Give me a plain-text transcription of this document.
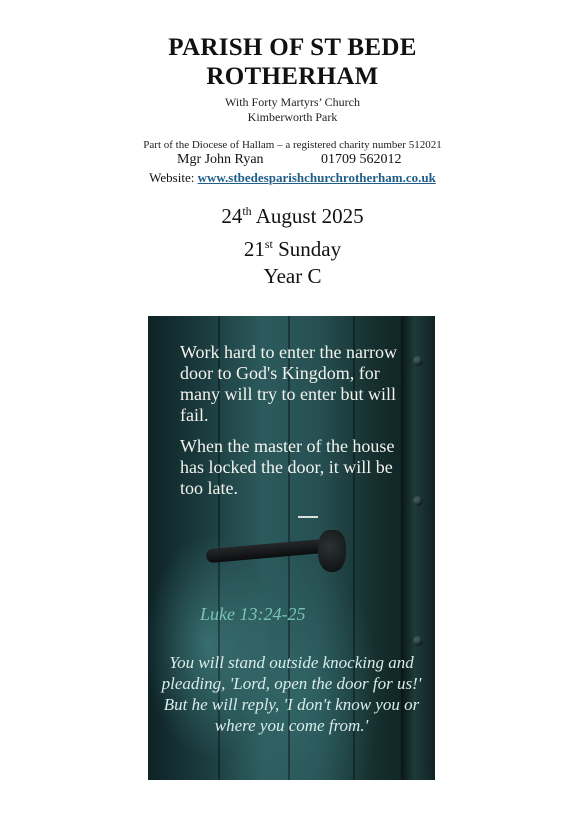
PARISH OF ST BEDE
ROTHERHAM
With Forty Martyrs’ Church
Kimberworth Park
Part of the Diocese of Hallam – a registered charity number 512021
Mgr John Ryan	01709 562012
Website: www.stbedesparishchurchrotherham.co.uk
24th August 2025
21st Sunday
Year C
Work hard to enter the narrow door to God's Kingdom, for many will try to enter but will fail.
When the master of the house has locked the door, it will be too late.
Luke 13:24-25
You will stand outside knocking and pleading, 'Lord, open the door for us!' But he will reply, 'I don't know you or where you come from.'
